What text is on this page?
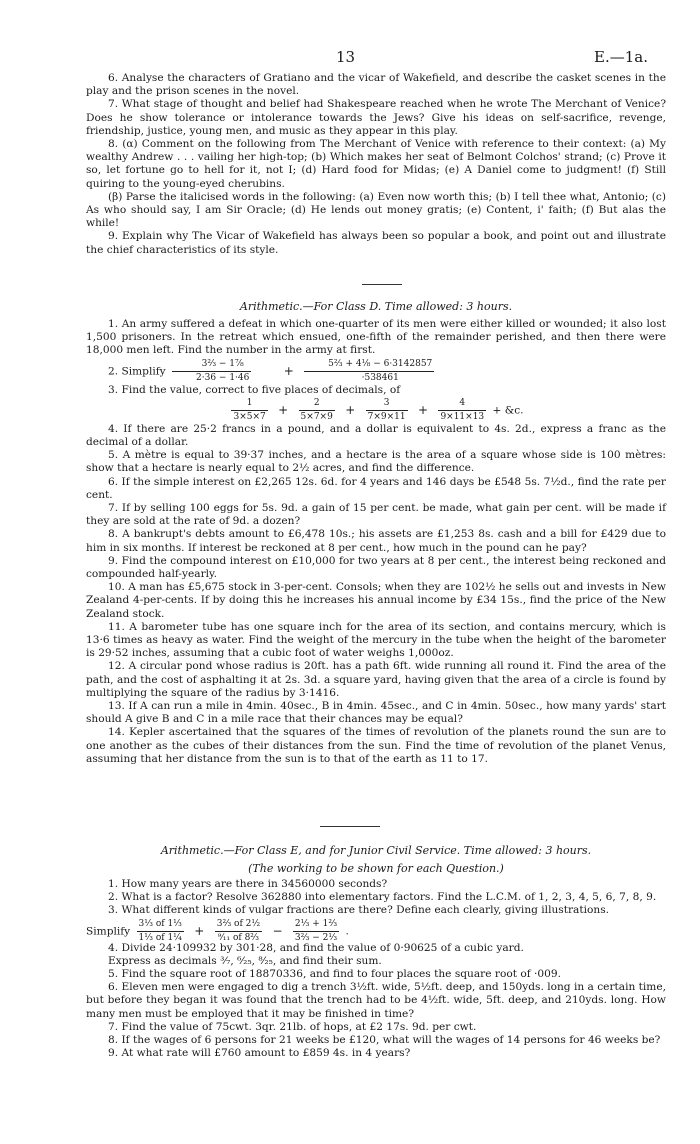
13	E.—1a.

6. Analyse the characters of Gratiano and the vicar of Wakefield, and describe the casket scenes in the play and the prison scenes in the novel.

7. What stage of thought and belief had Shakespeare reached when he wrote The Merchant of Venice? Does he show tolerance or intolerance towards the Jews? Give his ideas on self-sacrifice, revenge, friendship, justice, young men, and music as they appear in this play.

8. (α) Comment on the following from The Merchant of Venice with reference to their context: (a) My wealthy Andrew . . . vailing her high-top; (b) Which makes her seat of Belmont Colchos' strand; (c) Prove it so, let fortune go to hell for it, not I; (d) Hard food for Midas; (e) A Daniel come to judgment! (f) Still quiring to the young-eyed cherubins.

(β) Parse the italicised words in the following: (a) Even now worth this; (b) I tell thee what, Antonio; (c) As who should say, I am Sir Oracle; (d) He lends out money gratis; (e) Content, i' faith; (f) But alas the while!

9. Explain why The Vicar of Wakefield has always been so popular a book, and point out and illustrate the chief characteristics of its style.

Arithmetic.—For Class D. Time allowed: 3 hours.

1. An army suffered a defeat in which one-quarter of its men were either killed or wounded; it also lost 1,500 prisoners. In the retreat which ensued, one-fifth of the remainder perished, and then there were 18,000 men left. Find the number in the army at first.

2. Simplify $\frac{\text{3⅔ − 1⅞}}{2\cdot 36 - 1\cdot 46}$	+ $\frac{\text{5⅔ + 4⅛ − 6·3142857}}{\cdot 538461}$

3. Find the value, correct to five places of decimals, of

$\frac{1}{3\times 5\times 7} + \frac{2}{5\times 7\times 9} + \frac{3}{7\times 9\times 11} + \frac{4}{9\times 11\times 13}$ + &c.

4. If there are 25·2 francs in a pound, and a dollar is equivalent to 4s. 2d., express a franc as the decimal of a dollar.

5. A mètre is equal to 39·37 inches, and a hectare is the area of a square whose side is 100 mètres: show that a hectare is nearly equal to 2½ acres, and find the difference.

6. If the simple interest on £2,265 12s. 6d. for 4 years and 146 days be £548 5s. 7½d., find the rate per cent.

7. If by selling 100 eggs for 5s. 9d. a gain of 15 per cent. be made, what gain per cent. will be made if they are sold at the rate of 9d. a dozen?

8. A bankrupt's debts amount to £6,478 10s.; his assets are £1,253 8s. cash and a bill for £429 due to him in six months. If interest be reckoned at 8 per cent., how much in the pound can he pay?

9. Find the compound interest on £10,000 for two years at 8 per cent., the interest being reckoned and compounded half-yearly.

10. A man has £5,675 stock in 3-per-cent. Consols; when they are 102½ he sells out and invests in New Zealand 4-per-cents. If by doing this he increases his annual income by £34 15s., find the price of the New Zealand stock.

11. A barometer tube has one square inch for the area of its section, and contains mercury, which is 13·6 times as heavy as water. Find the weight of the mercury in the tube when the height of the barometer is 29·52 inches, assuming that a cubic foot of water weighs 1,000oz.

12. A circular pond whose radius is 20ft. has a path 6ft. wide running all round it. Find the area of the path, and the cost of asphalting it at 2s. 3d. a square yard, having given that the area of a circle is found by multiplying the square of the radius by 3·1416.

13. If A can run a mile in 4min. 40sec., B in 4min. 45sec., and C in 4min. 50sec., how many yards' start should A give B and C in a mile race that their chances may be equal?

14. Kepler ascertained that the squares of the times of revolution of the planets round the sun are to one another as the cubes of their distances from the sun. Find the time of revolution of the planet Venus, assuming that her distance from the sun is to that of the earth as 11 to 17.

Arithmetic.—For Class E, and for Junior Civil Service. Time allowed: 3 hours.
(The working to be shown for each Question.)

1. How many years are there in 34560000 seconds?

2. What is a factor? Resolve 362880 into elementary factors. Find the L.C.M. of 1, 2, 3, 4, 5, 6, 7, 8, 9.

3. What different kinds of vulgar fractions are there? Define each clearly, giving illustrations.

Simplify $\frac{\text{3⅓ of 1⅓}}{\text{1⅓ of 1¼}} + \frac{\text{3⅔ of 2½}}{\text{⁹⁄₁₁ of 8⅔}} - \frac{\text{2⅓ + 1⅔}}{\text{3⅔ − 2⅓}}$ .

4. Divide 24·109932 by 301·28, and find the value of 0·90625 of a cubic yard.

Express as decimals ³⁄₇, ⁶⁄₂₅, ⁸⁄₂₅, and find their sum.

5. Find the square root of 18870336, and find to four places the square root of ·009.

6. Eleven men were engaged to dig a trench 3½ft. wide, 5½ft. deep, and 150yds. long in a certain time, but before they began it was found that the trench had to be 4½ft. wide, 5ft. deep, and 210yds. long. How many men must be employed that it may be finished in time?

7. Find the value of 75cwt. 3qr. 21lb. of hops, at £2 17s. 9d. per cwt.

8. If the wages of 6 persons for 21 weeks be £120, what will the wages of 14 persons for 46 weeks be?

9. At what rate will £760 amount to £859 4s. in 4 years?
